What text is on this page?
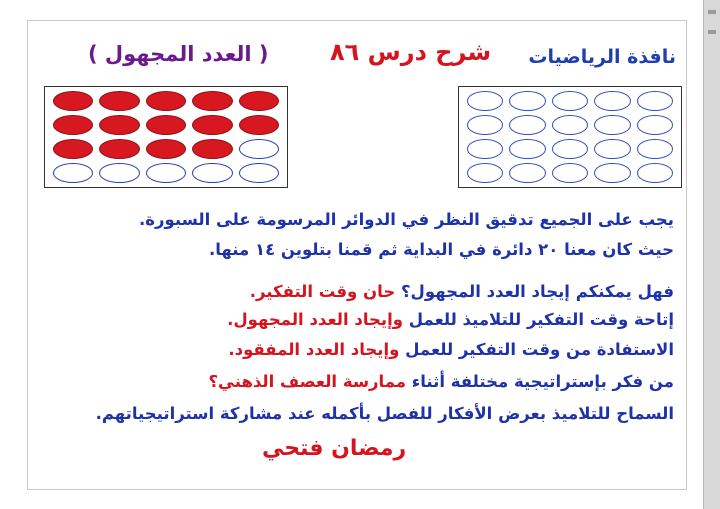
نافذة الرياضيات
شرح درس ٨٦
( العدد المجهول )
يجب على الجميع تدقيق النظر في الدوائر المرسومة على السبورة.
حيث كان معنا ٢٠ دائرة في البداية ثم قمنا بتلوين ١٤ منها.
فهل يمكنكم إيجاد العدد المجهول؟ حان وقت التفكير.
إتاحة وقت التفكير للتلاميذ للعمل وإيجاد العدد المجهول.
الاستفادة من وقت التفكير للعمل وإيجاد العدد المفقود.
من فكر بإستراتيجية مختلفة أثناء ممارسة العصف الذهني؟
السماح للتلاميذ بعرض الأفكار للفصل بأكمله عند مشاركة استراتيجياتهم.
رمضان فتحي
